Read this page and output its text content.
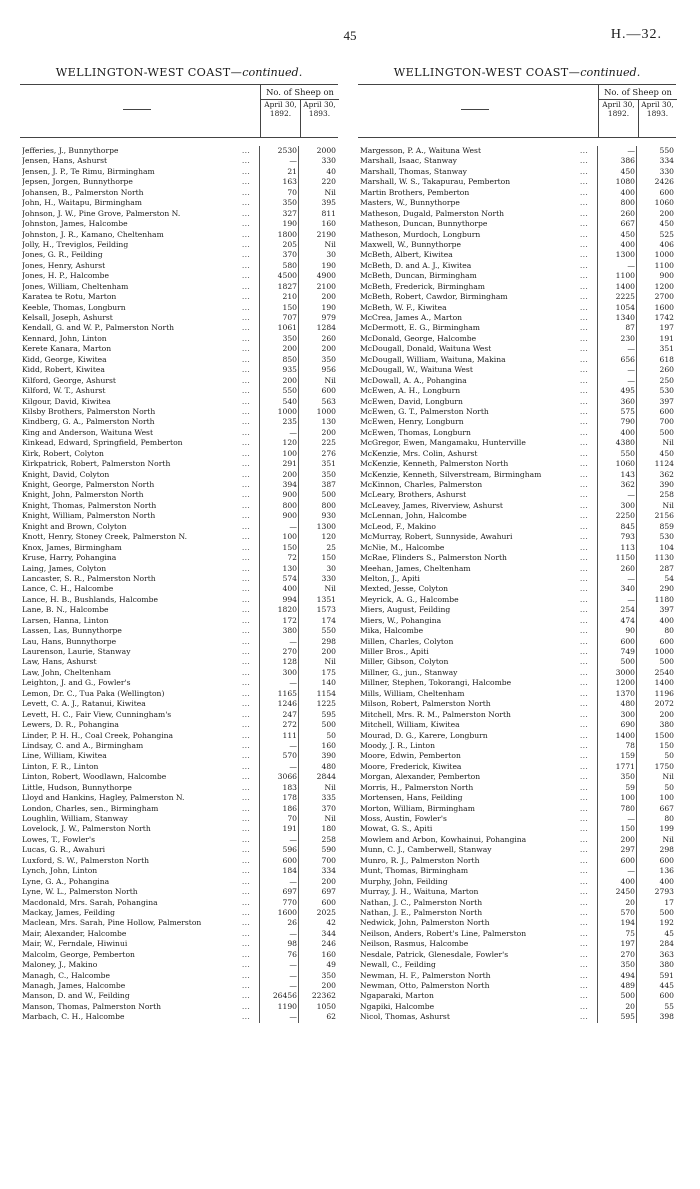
45	H.—32.
WELLINGTON-WEST COAST—continued.
No. of Sheep on
April 30, 1892.
April 30, 1893.
Jefferies, J., Bunnythorpe	...	2530	2000
Jensen, Hans, Ashurst	...	—	330
Jensen, J. P., Te Rimu, Birmingham	...	21	40
Jepsen, Jorgen, Bunnythorpe	...	163	220
Johansen, B., Palmerston North	...	70	Nil
John, H., Waitapu, Birmingham	...	350	395
Johnson, J. W., Pine Grove, Palmerston N.	...	327	811
Johnston, James, Halcombe	...	190	160
Johnston, J. R., Kamano, Cheltenham	...	1800	2190
Jolly, H., Treviglos, Feilding	...	205	Nil
Jones, G. R., Feilding	...	370	30
Jones, Henry, Ashurst	...	580	190
Jones, H. P., Halcombe	...	4500	4900
Jones, William, Cheltenham	...	1827	2100
Karatea te Rotu, Marton	...	210	200
Keeble, Thomas, Longburn	...	150	190
Kelsall, Joseph, Ashurst	...	707	979
Kendall, G. and W. P., Palmerston North	...	1061	1284
Kennard, John, Linton	...	350	260
Kerete Kanara, Marton	...	200	200
Kidd, George, Kiwitea	...	850	350
Kidd, Robert, Kiwitea	...	935	956
Kilford, George, Ashurst	...	200	Nil
Kilford, W. T., Ashurst	...	550	600
Kilgour, David, Kiwitea	...	540	563
Kilsby Brothers, Palmerston North	...	1000	1000
Kindberg, G. A., Palmerston North	...	235	130
King and Anderson, Waituna West	...	—	200
Kinkead, Edward, Springfield, Pemberton	...	120	225
Kirk, Robert, Colyton	...	100	276
Kirkpatrick, Robert, Palmerston North	...	291	351
Knight, David, Colyton	...	200	350
Knight, George, Palmerston North	...	394	387
Knight, John, Palmerston North	...	900	500
Knight, Thomas, Palmerston North	...	800	800
Knight, William, Palmerston North	...	900	930
Knight and Brown, Colyton	...	—	1300
Knott, Henry, Stoney Creek, Palmerston N.	...	100	120
Knox, James, Birmingham	...	150	25
Kruse, Harry, Pohangina	...	72	150
Laing, James, Colyton	...	130	30
Lancaster, S. R., Palmerston North	...	574	330
Lance, C. H., Halcombe	...	400	Nil
Lance, H. B., Bushlands, Halcombe	...	994	1351
Lane, B. N., Halcombe	...	1820	1573
Larsen, Hanna, Linton	...	172	174
Lassen, Las, Bunnythorpe	...	380	550
Lau, Hans, Bunnythorpe	...	—	298
Laurenson, Laurie, Stanway	...	270	200
Law, Hans, Ashurst	...	128	Nil
Law, John, Cheltenham	...	300	175
Leighton, J. and G., Fowler's	...	—	140
Lemon, Dr. C., Tua Paka (Wellington)	...	1165	1154
Levett, C. A. J., Ratanui, Kiwitea	...	1246	1225
Levett, H. C., Fair View, Cunningham's	...	247	595
Lewers, D. R., Pohangina	...	272	500
Linder, P. H. H., Coal Creek, Pohangina	...	111	50
Lindsay, C. and A., Birmingham	...	—	160
Line, William, Kiwitea	...	570	390
Linton, F. R., Linton	...	—	480
Linton, Robert, Woodlawn, Halcombe	...	3066	2844
Little, Hudson, Bunnythorpe	...	183	Nil
Lloyd and Hankins, Hagley, Palmerston N.	...	178	335
London, Charles, sen., Birmingham	...	186	370
Loughlin, William, Stanway	...	70	Nil
Lovelock, J. W., Palmerston North	...	191	180
Lowes, T., Fowler's	...	—	258
Lucas, G. R., Awahuri	...	596	590
Luxford, S. W., Palmerston North	...	600	700
Lynch, John, Linton	...	184	334
Lyne, G. A., Pohangina	...	—	200
Lyne, W. L., Palmerston North	...	697	697
Macdonald, Mrs. Sarah, Pohangina	...	770	600
Mackay, James, Feilding	...	1600	2025
Maclean, Mrs. Sarah, Pine Hollow, Palmerston	...	26	42
Mair, Alexander, Halcombe	...	—	344
Mair, W., Ferndale, Hiwinui	...	98	246
Malcolm, George, Pemberton	...	76	160
Maloney, J., Makino	...	—	49
Managh, C., Halcombe	...	—	350
Managh, James, Halcombe	...	—	200
Manson, D. and W., Feilding	...	26456	22362
Manson, Thomas, Palmerston North	...	1190	1050
Marbach, C. H., Halcombe	...	—	62
WELLINGTON-WEST COAST—continued.
No. of Sheep on
April 30, 1892.
April 30, 1893.
Margesson, P. A., Waituna West	...	—	550
Marshall, Isaac, Stanway	...	386	334
Marshall, Thomas, Stanway	...	450	330
Marshall, W. S., Takapurau, Pemberton	...	1080	2426
Martin Brothers, Pemberton	...	400	600
Masters, W., Bunnythorpe	...	800	1060
Matheson, Dugald, Palmerston North	...	260	200
Matheson, Duncan, Bunnythorpe	...	667	450
Matheson, Murdoch, Longburn	...	450	525
Maxwell, W., Bunnythorpe	...	400	406
McBeth, Albert, Kiwitea	...	1300	1000
McBeth, D. and A. J., Kiwitea	...	—	1100
McBeth, Duncan, Birmingham	...	1100	900
McBeth, Frederick, Birmingham	...	1400	1200
McBeth, Robert, Cawdor, Birmingham	...	2225	2700
McBeth, W. F., Kiwitea	...	1054	1600
McCrea, James A., Marton	...	1340	1742
McDermott, E. G., Birmingham	...	87	197
McDonald, George, Halcombe	...	230	191
McDougall, Donald, Waituna West	...	—	351
McDougall, William, Waituna, Makina	...	656	618
McDougall, W., Waituna West	...	—	260
McDowall, A. A., Pohangina	...	—	250
McEwen, A. H., Longburn	...	495	530
McEwen, David, Longburn	...	360	397
McEwen, G. T., Palmerston North	...	575	600
McEwen, Henry, Longburn	...	790	700
McEwen, Thomas, Longburn	...	400	500
McGregor, Ewen, Mangamaku, Hunterville	...	4380	Nil
McKenzie, Mrs. Colin, Ashurst	...	550	450
McKenzie, Kenneth, Palmerston North	...	1060	1124
McKenzie, Kenneth, Silverstream, Birmingham	...	143	362
McKinnon, Charles, Palmerston	...	362	390
McLeary, Brothers, Ashurst	...	—	258
McLeavey, James, Riverview, Ashurst	...	300	Nil
McLennan, John, Halcombe	...	2250	2156
McLeod, F., Makino	...	845	859
McMurray, Robert, Sunnyside, Awahuri	...	793	530
McNie, M., Halcombe	...	113	104
McRae, Flinders S., Palmerston North	...	1150	1130
Meehan, James, Cheltenham	...	260	287
Melton, J., Apiti	...	—	54
Mexted, Jesse, Colyton	...	340	290
Meyrick, A. G., Halcombe	...	—	1180
Miers, August, Feilding	...	254	397
Miers, W., Pohangina	...	474	400
Mika, Halcombe	...	90	80
Millen, Charles, Colyton	...	600	600
Miller Bros., Apiti	...	749	1000
Miller, Gibson, Colyton	...	500	500
Millner, G., jun., Stanway	...	3000	2540
Millner, Stephen, Tokorangi, Halcombe	...	1200	1400
Mills, William, Cheltenham	...	1370	1196
Milson, Robert, Palmerston North	...	480	2072
Mitchell, Mrs. R. M., Palmerston North	...	300	200
Mitchell, William, Kiwitea	...	690	380
Mourad, D. G., Karere, Longburn	...	1400	1500
Moody, J. R., Linton	...	78	150
Moore, Edwin, Pemberton	...	159	50
Moore, Frederick, Kiwitea	...	1771	1750
Morgan, Alexander, Pemberton	...	350	Nil
Morris, H., Palmerston North	...	59	50
Mortensen, Hans, Feilding	...	100	100
Morton, William, Birmingham	...	780	667
Moss, Austin, Fowler's	...	—	80
Mowat, G. S., Apiti	...	150	199
Mowlem and Arbon, Kowhainui, Pohangina	...	200	Nil
Munn, C. J., Camberwell, Stanway	...	297	298
Munro, R. J., Palmerston North	...	600	600
Munt, Thomas, Birmingham	...	—	136
Murphy, John, Feilding	...	400	400
Murray, J. H., Waituna, Marton	...	2450	2793
Nathan, J. C., Palmerston North	...	20	17
Nathan, J. E., Palmerston North	...	570	500
Nedwick, John, Palmerston North	...	194	192
Neilson, Anders, Robert's Line, Palmerston	...	75	45
Neilson, Rasmus, Halcombe	...	197	284
Nesdale, Patrick, Glenesdale, Fowler's	...	270	363
Newall, C., Feilding	...	350	380
Newman, H. F., Palmerston North	...	494	591
Newman, Otto, Palmerston North	...	489	445
Ngaparaki, Marton	...	500	600
Ngapiki, Halcombe	...	20	55
Nicol, Thomas, Ashurst	...	595	398
